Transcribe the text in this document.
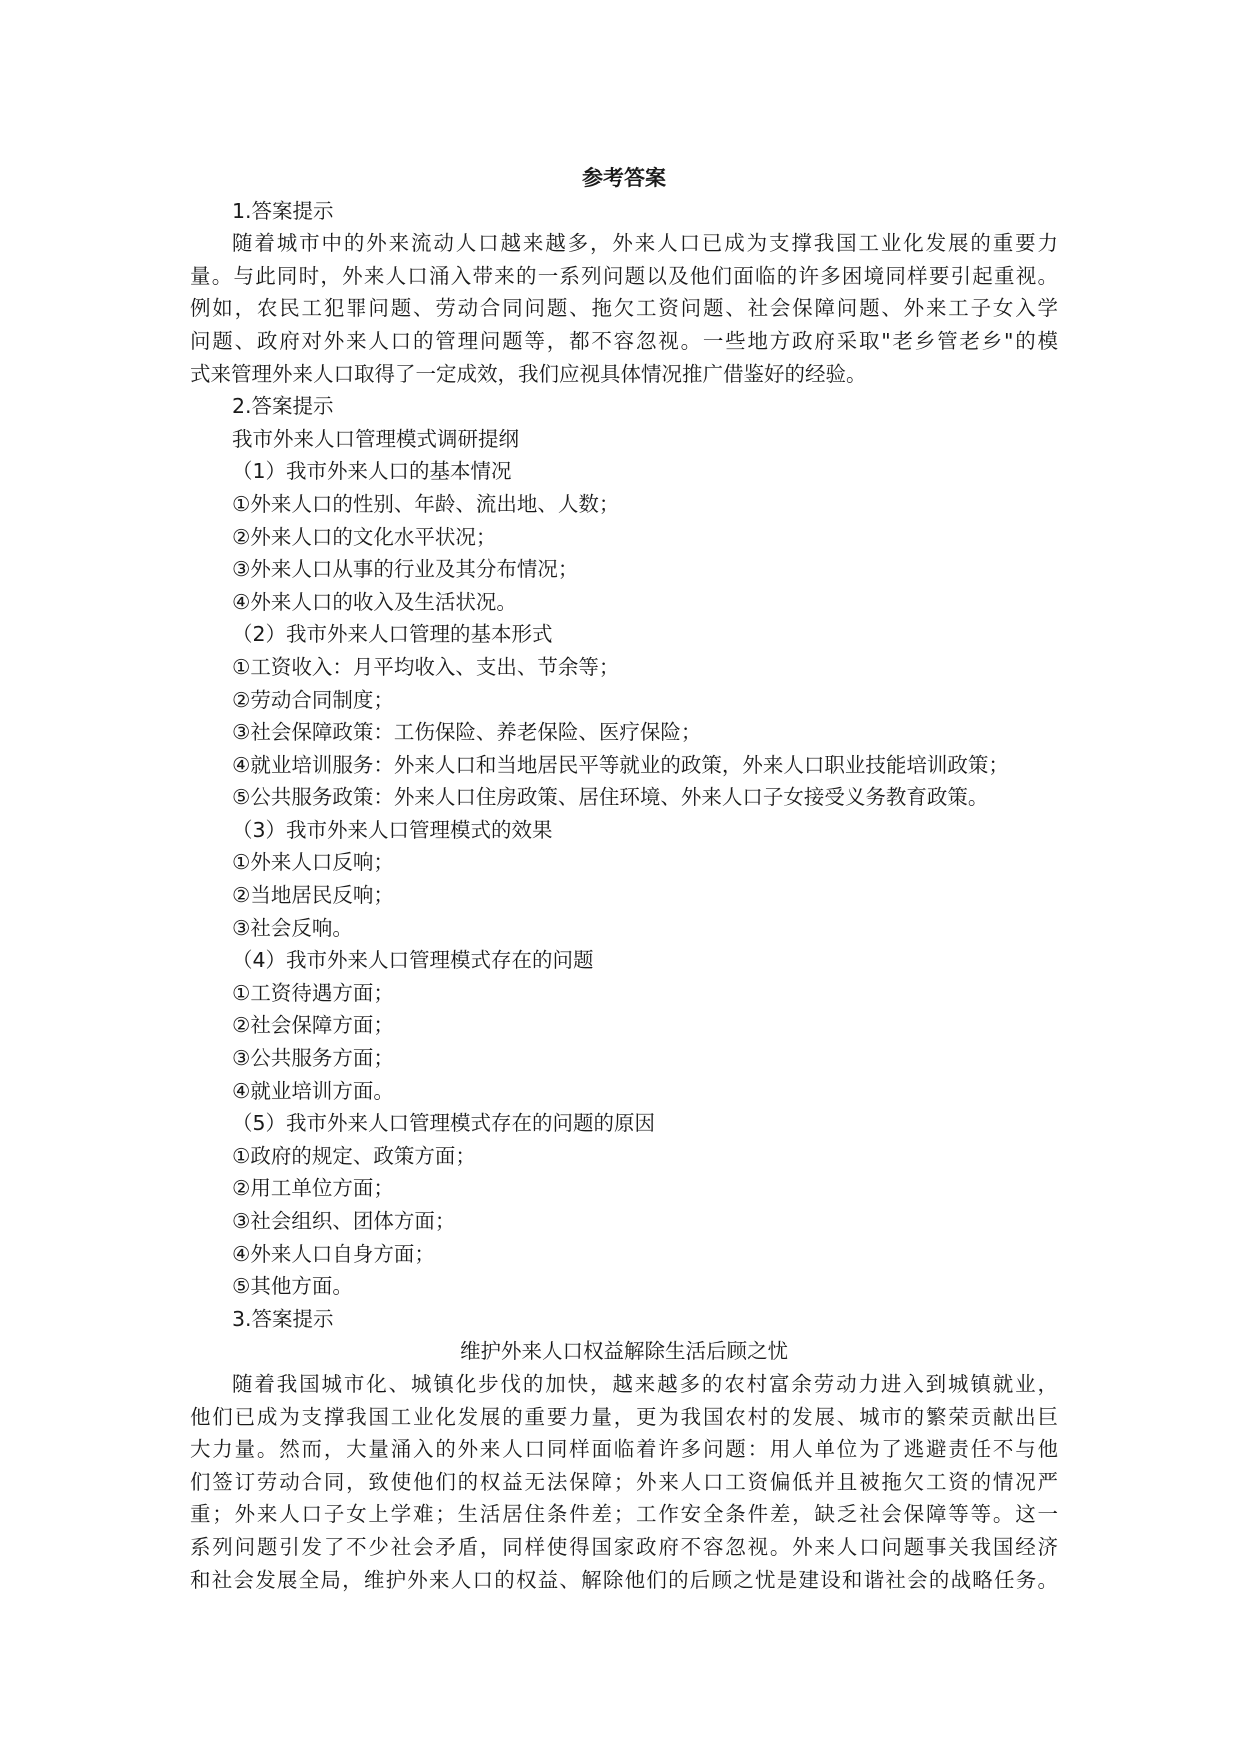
参考答案
1.答案提示
随着城市中的外来流动人口越来越多，外来人口已成为支撑我国工业化发展的重要力
量。与此同时，外来人口涌入带来的一系列问题以及他们面临的许多困境同样要引起重视。
例如，农民工犯罪问题、劳动合同问题、拖欠工资问题、社会保障问题、外来工子女入学
问题、政府对外来人口的管理问题等，都不容忽视。一些地方政府采取"老乡管老乡"的模
式来管理外来人口取得了一定成效，我们应视具体情况推广借鉴好的经验。
2.答案提示
我市外来人口管理模式调研提纲
（1）我市外来人口的基本情况
①外来人口的性别、年龄、流出地、人数；
②外来人口的文化水平状况；
③外来人口从事的行业及其分布情况；
④外来人口的收入及生活状况。
（2）我市外来人口管理的基本形式
①工资收入：月平均收入、支出、节余等；
②劳动合同制度；
③社会保障政策：工伤保险、养老保险、医疗保险；
④就业培训服务：外来人口和当地居民平等就业的政策，外来人口职业技能培训政策；
⑤公共服务政策：外来人口住房政策、居住环境、外来人口子女接受义务教育政策。
（3）我市外来人口管理模式的效果
①外来人口反响；
②当地居民反响；
③社会反响。
（4）我市外来人口管理模式存在的问题
①工资待遇方面；
②社会保障方面；
③公共服务方面；
④就业培训方面。
（5）我市外来人口管理模式存在的问题的原因
①政府的规定、政策方面；
②用工单位方面；
③社会组织、团体方面；
④外来人口自身方面；
⑤其他方面。
3.答案提示
维护外来人口权益解除生活后顾之忧
随着我国城市化、城镇化步伐的加快，越来越多的农村富余劳动力进入到城镇就业，
他们已成为支撑我国工业化发展的重要力量，更为我国农村的发展、城市的繁荣贡献出巨
大力量。然而，大量涌入的外来人口同样面临着许多问题：用人单位为了逃避责任不与他
们签订劳动合同，致使他们的权益无法保障；外来人口工资偏低并且被拖欠工资的情况严
重；外来人口子女上学难；生活居住条件差；工作安全条件差，缺乏社会保障等等。这一
系列问题引发了不少社会矛盾，同样使得国家政府不容忽视。外来人口问题事关我国经济
和社会发展全局，维护外来人口的权益、解除他们的后顾之忧是建设和谐社会的战略任务。
